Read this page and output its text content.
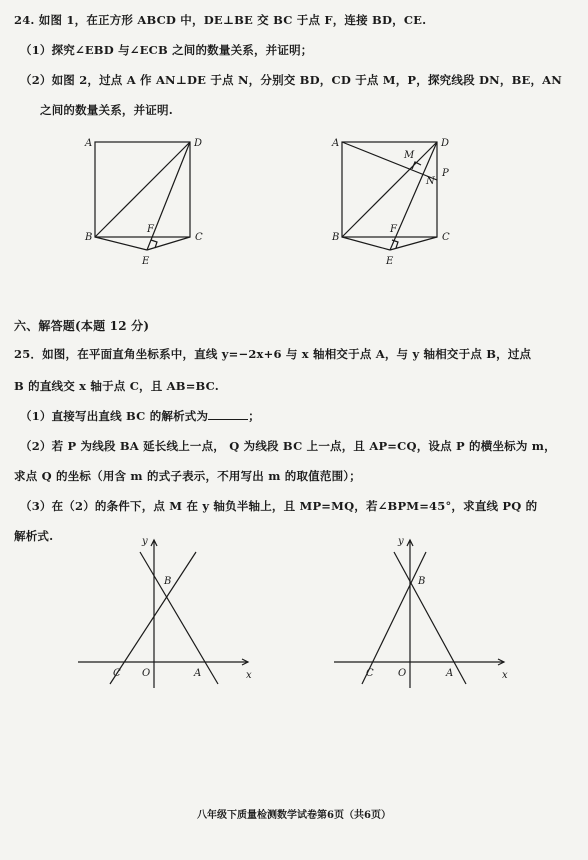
24. 如图 1，在正方形 ABCD 中，DE⊥BE 交 BC 于点 F，连接 BD，CE.
（1）探究∠EBD 与∠ECB 之间的数量关系，并证明；
（2）如图 2，过点 A 作 AN⊥DE 于点 N，分别交 BD，CD 于点 M，P，探究线段 DN，BE，AN
之间的数量关系，并证明.
A	D
B	C
F
E
A	D
B	C
F
E
M
N
P
六、解答题(本题 12 分)
25．如图，在平面直角坐标系中，直线 y=−2x+6 与 x 轴相交于点 A，与 y 轴相交于点 B，过点
B 的直线交 x 轴于点 C，且 AB=BC.
（1）直接写出直线 BC 的解析式为	；
（2）若 P 为线段 BA 延长线上一点， Q 为线段 BC 上一点，且 AP=CQ，设点 P 的横坐标为 m，
求点 Q 的坐标（用含 m 的式子表示，不用写出 m 的取值范围）；
（3）在（2）的条件下，点 M 在 y 轴负半轴上，且 MP=MQ，若∠BPM=45°，求直线 PQ 的
解析式.	y
x
B
C O	A
y
x
B
C O	A
八年级下质量检测数学试卷第6页（共6页）
